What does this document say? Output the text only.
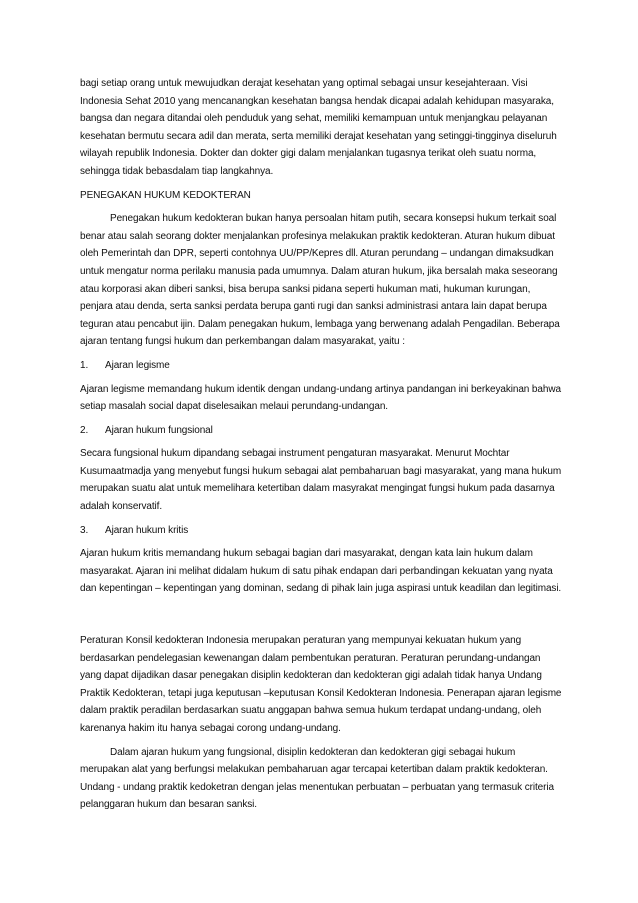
bagi setiap orang untuk mewujudkan derajat kesehatan yang optimal sebagai unsur kesejahteraan. Visi Indonesia Sehat 2010 yang mencanangkan kesehatan bangsa hendak dicapai adalah kehidupan masyaraka, bangsa dan negara ditandai oleh penduduk yang sehat, memiliki kemampuan untuk menjangkau pelayanan kesehatan bermutu secara adil dan merata, serta memiliki derajat kesehatan yang setinggi-tingginya diseluruh wilayah republik Indonesia. Dokter dan dokter gigi dalam menjalankan tugasnya terikat oleh suatu norma, sehingga tidak bebasdalam tiap langkahnya.

PENEGAKAN HUKUM KEDOKTERAN

Penegakan hukum kedokteran bukan hanya persoalan hitam putih, secara konsepsi hukum terkait soal benar atau salah seorang dokter menjalankan profesinya melakukan praktik kedokteran. Aturan hukum dibuat oleh Pemerintah dan DPR, seperti contohnya UU/PP/Kepres dll. Aturan perundang – undangan dimaksudkan untuk mengatur norma perilaku manusia pada umumnya. Dalam aturan hukum, jika bersalah maka seseorang atau korporasi akan diberi sanksi, bisa berupa sanksi pidana seperti hukuman mati, hukuman kurungan, penjara atau denda, serta sanksi perdata berupa ganti rugi dan sanksi administrasi antara lain dapat berupa teguran atau pencabut ijin. Dalam penegakan hukum, lembaga yang berwenang adalah Pengadilan. Beberapa ajaran tentang fungsi hukum dan perkembangan dalam masyarakat, yaitu :

1.	Ajaran legisme

Ajaran legisme memandang hukum identik dengan undang-undang artinya pandangan ini berkeyakinan bahwa setiap masalah social dapat diselesaikan melaui perundang-undangan.

2.	Ajaran hukum fungsional

Secara fungsional hukum dipandang sebagai instrument pengaturan masyarakat. Menurut Mochtar Kusumaatmadja yang menyebut fungsi hukum sebagai alat pembaharuan bagi masyarakat, yang mana hukum merupakan suatu alat untuk memelihara ketertiban dalam masyrakat mengingat fungsi hukum pada dasarnya adalah konservatif.

3.	Ajaran hukum kritis

Ajaran hukum kritis memandang hukum sebagai bagian dari masyarakat, dengan kata lain hukum dalam masyarakat. Ajaran ini melihat didalam hukum di satu pihak endapan dari perbandingan kekuatan yang nyata dan kepentingan – kepentingan yang dominan, sedang di pihak lain juga aspirasi untuk keadilan dan legitimasi.

Peraturan Konsil kedokteran Indonesia merupakan peraturan yang mempunyai kekuatan hukum yang berdasarkan pendelegasian kewenangan dalam pembentukan peraturan. Peraturan perundang-undangan yang dapat dijadikan dasar penegakan disiplin kedokteran dan kedokteran gigi adalah tidak hanya Undang Praktik Kedokteran, tetapi juga keputusan –keputusan Konsil Kedokteran Indonesia. Penerapan ajaran legisme dalam praktik peradilan berdasarkan suatu anggapan bahwa semua hukum terdapat undang-undang, oleh karenanya hakim itu hanya sebagai corong undang-undang.

Dalam ajaran hukum yang fungsional, disiplin kedokteran dan kedokteran gigi sebagai hukum merupakan alat yang berfungsi melakukan pembaharuan agar tercapai ketertiban dalam praktik kedokteran. Undang - undang praktik kedoketran dengan jelas menentukan perbuatan – perbuatan yang termasuk criteria pelanggaran hukum dan besaran sanksi.
